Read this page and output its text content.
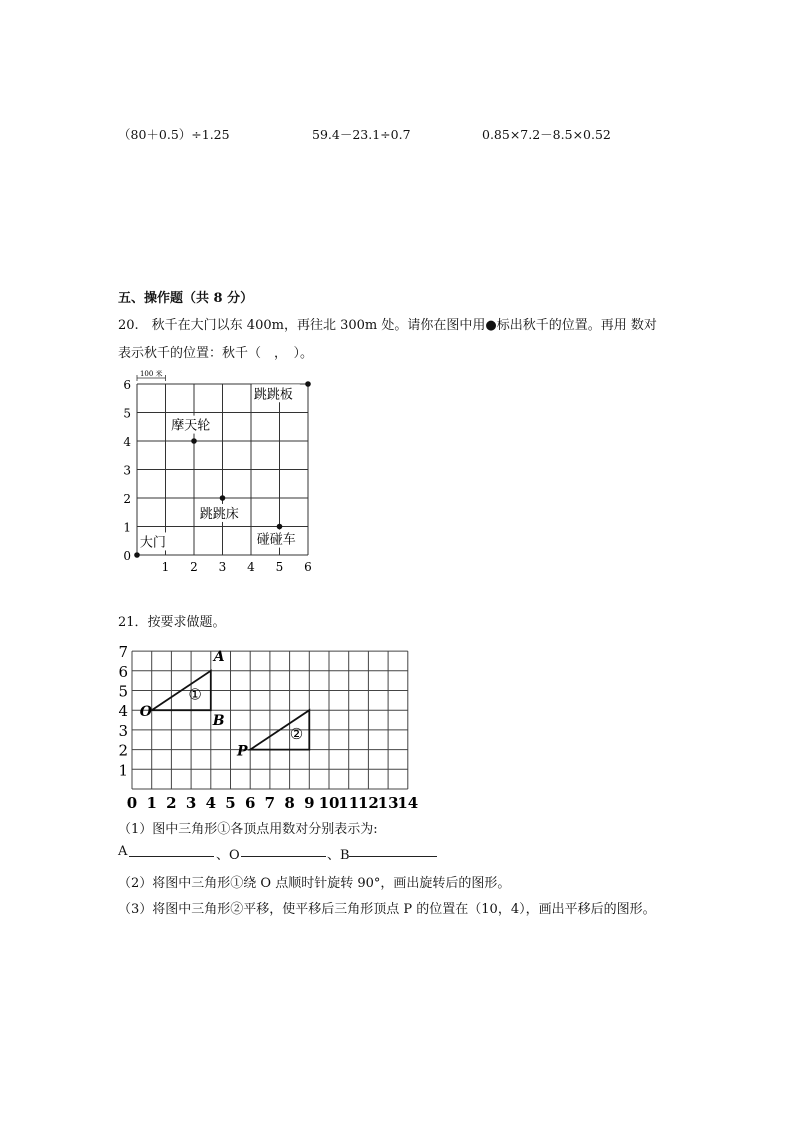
（80＋0.5）÷1.25	59.4－23.1÷0.7	0.85×7.2－8.5×0.52
五、操作题（共 8 分）
20.　秋千在大门以东 400m，再往北 300m 处。请你在图中用●标出秋千的位置。再用 数对
表示秋千的位置：秋千（　，　）。
1 2 3 4 5 6
0
1
2
3
4
5
6
100 米
跳跳板
摩天轮
跳跳床
碰碰车
大门
21．按要求做题。
0 1 2 3 4 5 6 7 8 9 10
11
12
13
14
1
2
3
4
5
6
7
①
O
A
B
②
P
（1）图中三角形①各顶点用数对分别表示为:
A	、O	、B
（2）将图中三角形①绕 O 点顺时针旋转 90°，画出旋转后的图形。
（3）将图中三角形②平移，使平移后三角形顶点 P 的位置在（10，4），画出平移后的图形。
